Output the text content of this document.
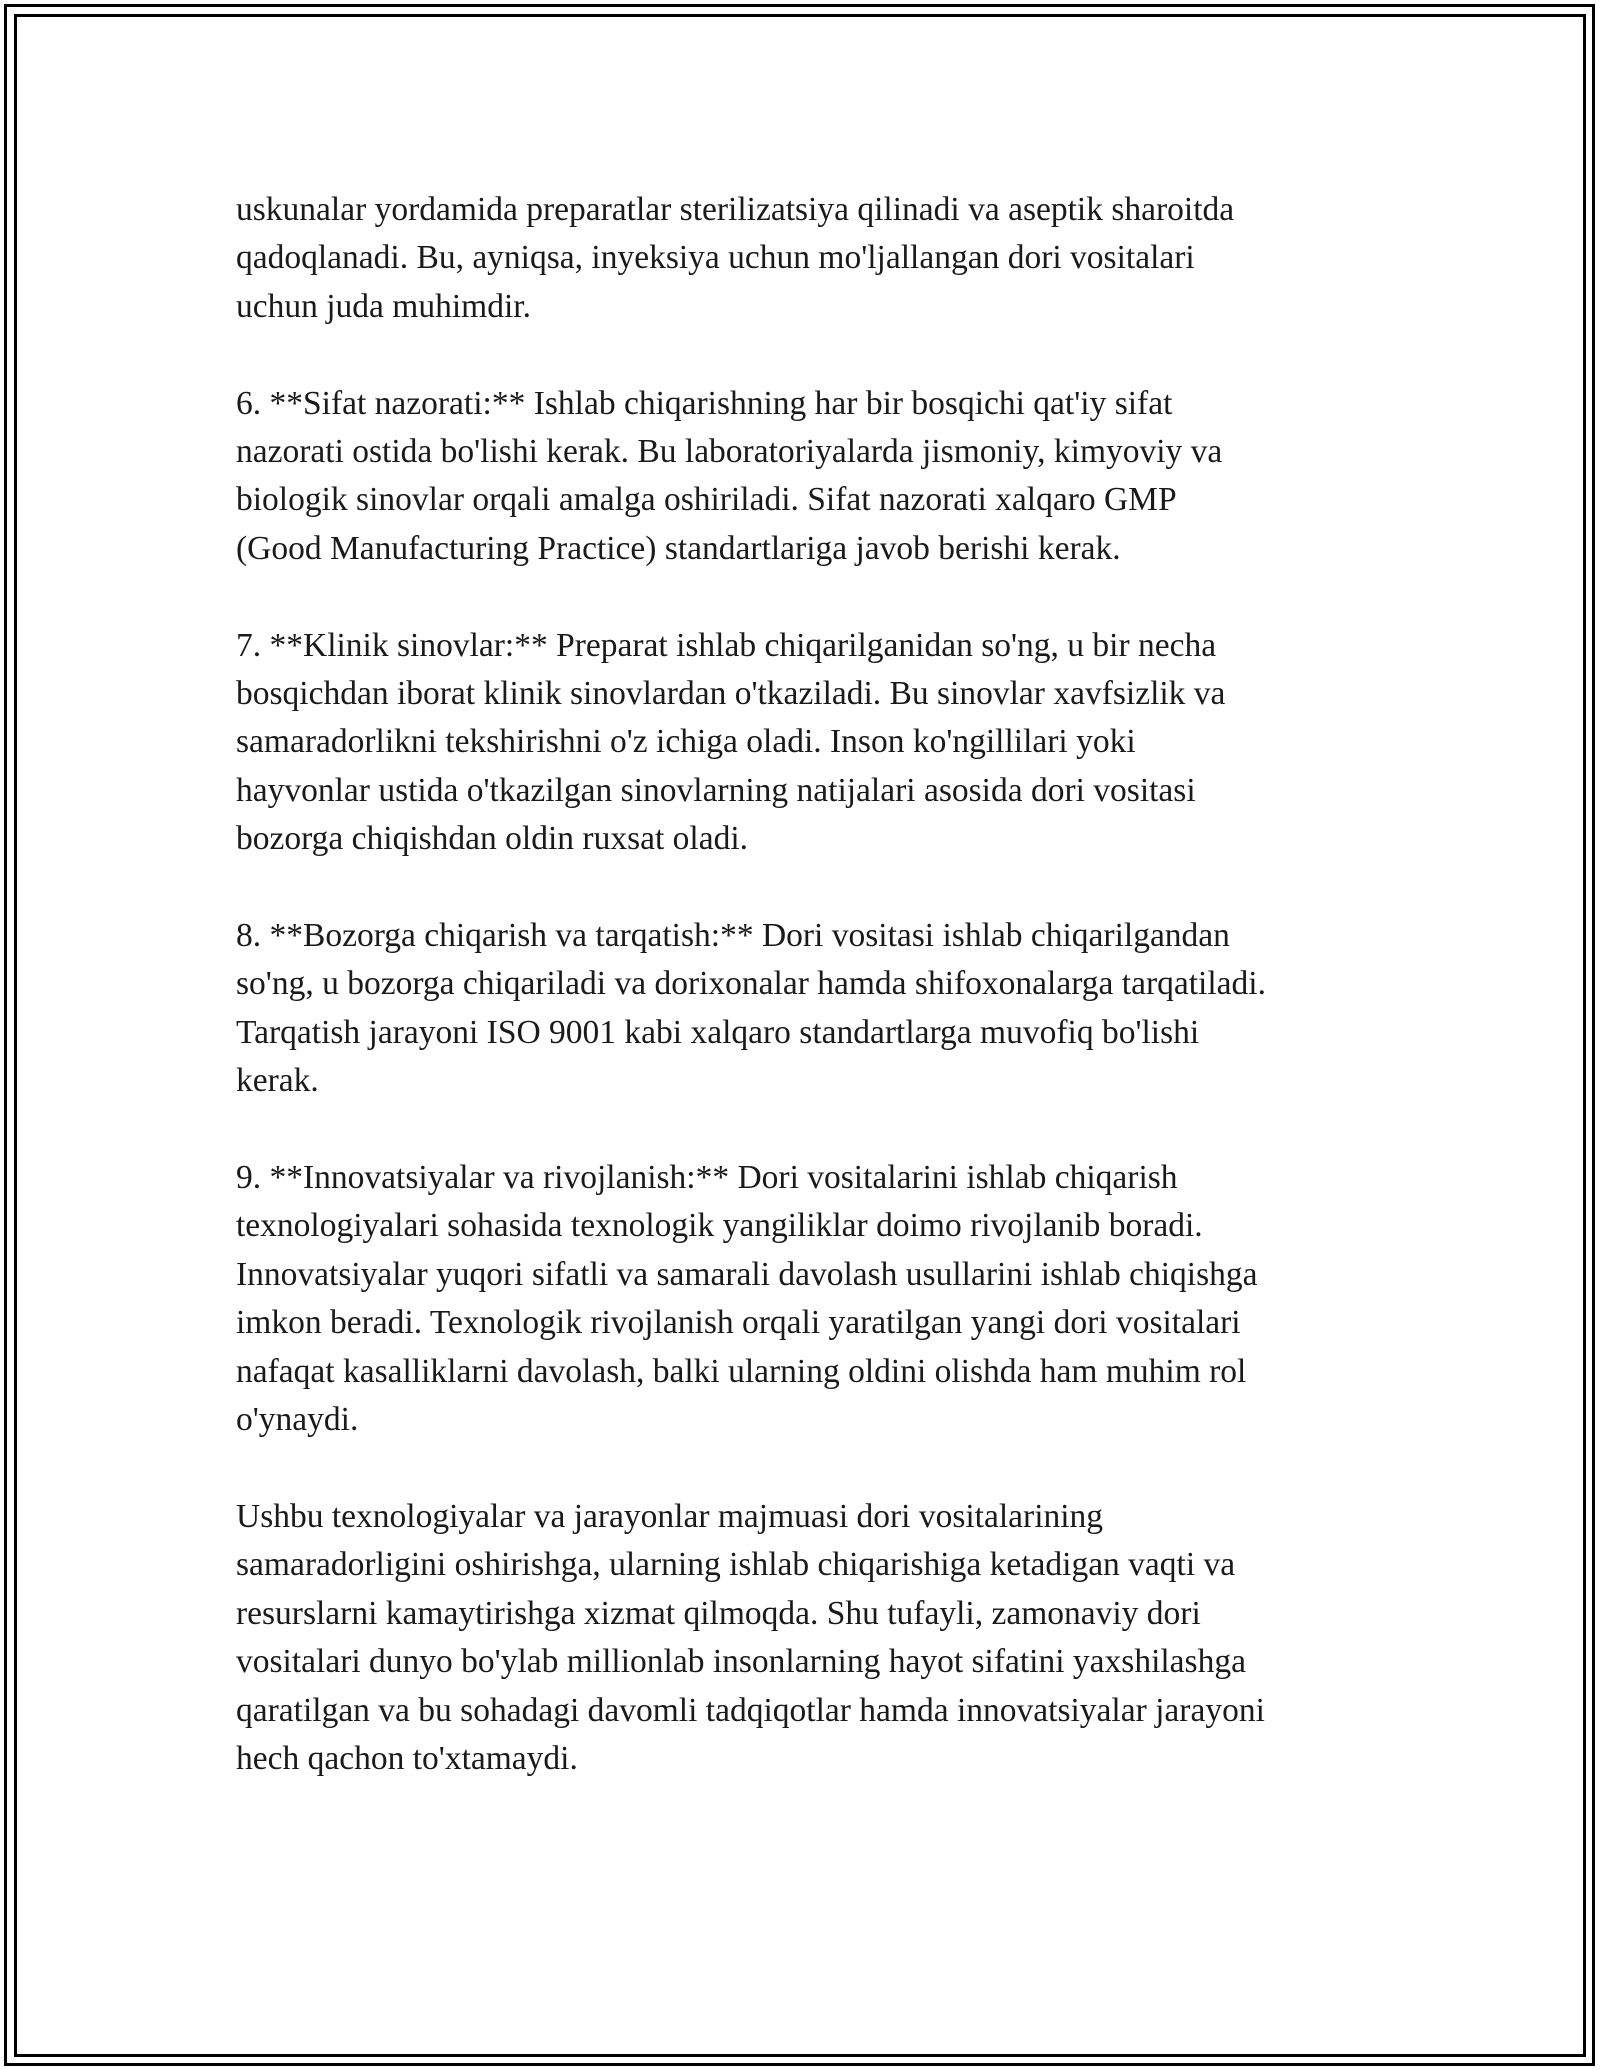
uskunalar yordamida preparatlar sterilizatsiya qilinadi va aseptik sharoitda
qadoqlanadi. Bu, ayniqsa, inyeksiya uchun mo'ljallangan dori vositalari
uchun juda muhimdir.

6. **Sifat nazorati:** Ishlab chiqarishning har bir bosqichi qat'iy sifat
nazorati ostida bo'lishi kerak. Bu laboratoriyalarda jismoniy, kimyoviy va
biologik sinovlar orqali amalga oshiriladi. Sifat nazorati xalqaro GMP
(Good Manufacturing Practice) standartlariga javob berishi kerak.

7. **Klinik sinovlar:** Preparat ishlab chiqarilganidan so'ng, u bir necha
bosqichdan iborat klinik sinovlardan o'tkaziladi. Bu sinovlar xavfsizlik va
samaradorlikni tekshirishni o'z ichiga oladi. Inson ko'ngillilari yoki
hayvonlar ustida o'tkazilgan sinovlarning natijalari asosida dori vositasi
bozorga chiqishdan oldin ruxsat oladi.

8. **Bozorga chiqarish va tarqatish:** Dori vositasi ishlab chiqarilgandan
so'ng, u bozorga chiqariladi va dorixonalar hamda shifoxonalarga tarqatiladi.
Tarqatish jarayoni ISO 9001 kabi xalqaro standartlarga muvofiq bo'lishi
kerak.

9. **Innovatsiyalar va rivojlanish:** Dori vositalarini ishlab chiqarish
texnologiyalari sohasida texnologik yangiliklar doimo rivojlanib boradi.
Innovatsiyalar yuqori sifatli va samarali davolash usullarini ishlab chiqishga
imkon beradi. Texnologik rivojlanish orqali yaratilgan yangi dori vositalari
nafaqat kasalliklarni davolash, balki ularning oldini olishda ham muhim rol
o'ynaydi.

Ushbu texnologiyalar va jarayonlar majmuasi dori vositalarining
samaradorligini oshirishga, ularning ishlab chiqarishiga ketadigan vaqti va
resurslarni kamaytirishga xizmat qilmoqda. Shu tufayli, zamonaviy dori
vositalari dunyo bo'ylab millionlab insonlarning hayot sifatini yaxshilashga
qaratilgan va bu sohadagi davomli tadqiqotlar hamda innovatsiyalar jarayoni
hech qachon to'xtamaydi.
